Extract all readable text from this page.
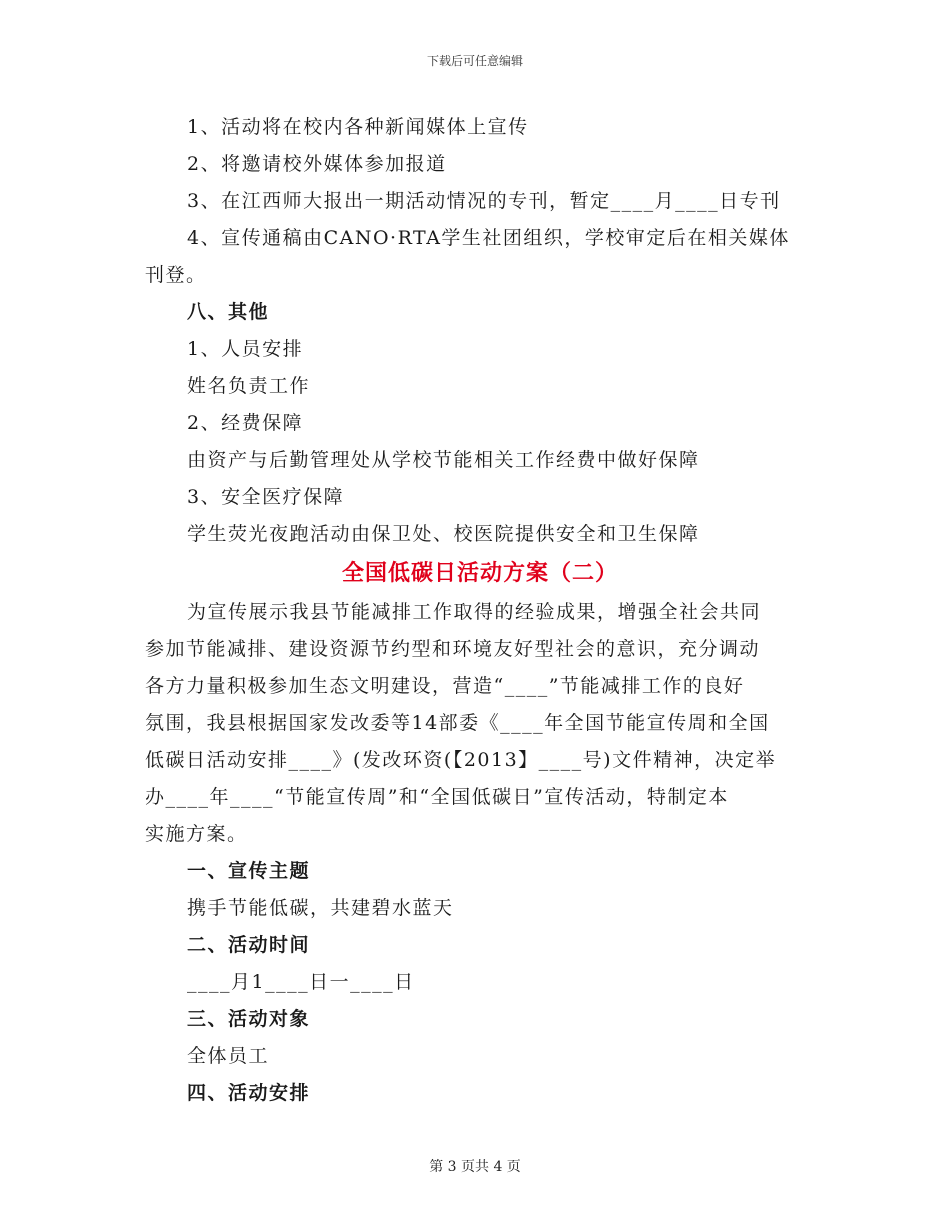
下载后可任意编辑
1、活动将在校内各种新闻媒体上宣传
2、将邀请校外媒体参加报道
3、在江西师大报出一期活动情况的专刊，暂定____月____日专刊
4、宣传通稿由CANO·RTA学生社团组织，学校审定后在相关媒体
刊登。
八、其他
1、人员安排
姓名负责工作
2、经费保障
由资产与后勤管理处从学校节能相关工作经费中做好保障
3、安全医疗保障
学生荧光夜跑活动由保卫处、校医院提供安全和卫生保障
全国低碳日活动方案（二）
为宣传展示我县节能减排工作取得的经验成果，增强全社会共同
参加节能减排、建设资源节约型和环境友好型社会的意识，充分调动
各方力量积极参加生态文明建设，营造“____”节能减排工作的良好
氛围，我县根据国家发改委等14部委《____年全国节能宣传周和全国
低碳日活动安排____》(发改环资(【2013】____号)文件精神，决定举
办____年____“节能宣传周”和“全国低碳日”宣传活动，特制定本
实施方案。
一、宣传主题
携手节能低碳，共建碧水蓝天
二、活动时间
____月1____日一____日
三、活动对象
全体员工
四、活动安排
第 3 页共 4 页
